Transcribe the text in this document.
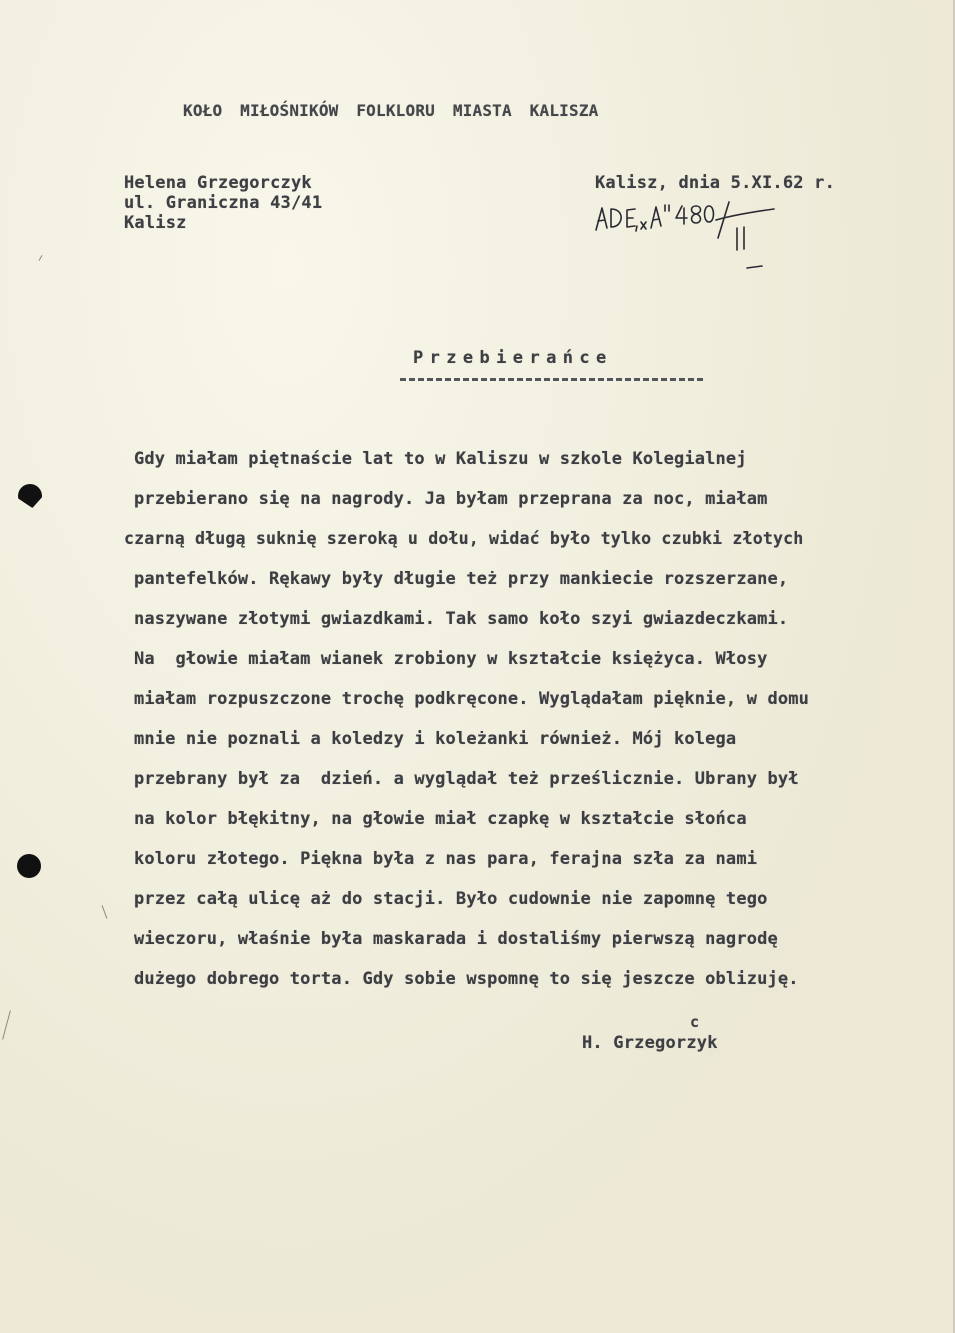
KOŁO MIŁOŚNIKÓW FOLKLORU MIASTA KALISZA
Helena Grzegorczyk
ul. Graniczna 43/41
Kalisz
Kalisz, dnia 5.XI.62 r.
Przebierańce
Gdy miałam piętnaście lat to w Kaliszu w szkole Kolegialnej
przebierano się na nagrody. Ja byłam przeprana za noc, miałam
czarną długą suknię szeroką u dołu, widać było tylko czubki złotych
pantefelków. Rękawy były długie też przy mankiecie rozszerzane,
naszywane złotymi gwiazdkami. Tak samo koło szyi gwiazdeczkami.
Na  głowie miałam wianek zrobiony w kształcie księżyca. Włosy
miałam rozpuszczone trochę podkręcone. Wyglądałam pięknie, w domu
mnie nie poznali a koledzy i koleżanki również. Mój kolega
przebrany był za  dzień. a wyglądał też prześlicznie. Ubrany był
na kolor błękitny, na głowie miał czapkę w kształcie słońca
koloru złotego. Piękna była z nas para, ferajna szła za nami
przez całą ulicę aż do stacji. Było cudownie nie zapomnę tego
wieczoru, właśnie była maskarada i dostaliśmy pierwszą nagrodę
dużego dobrego torta. Gdy sobie wspomnę to się jeszcze oblizuję.
c
H. Grzegorzyk
